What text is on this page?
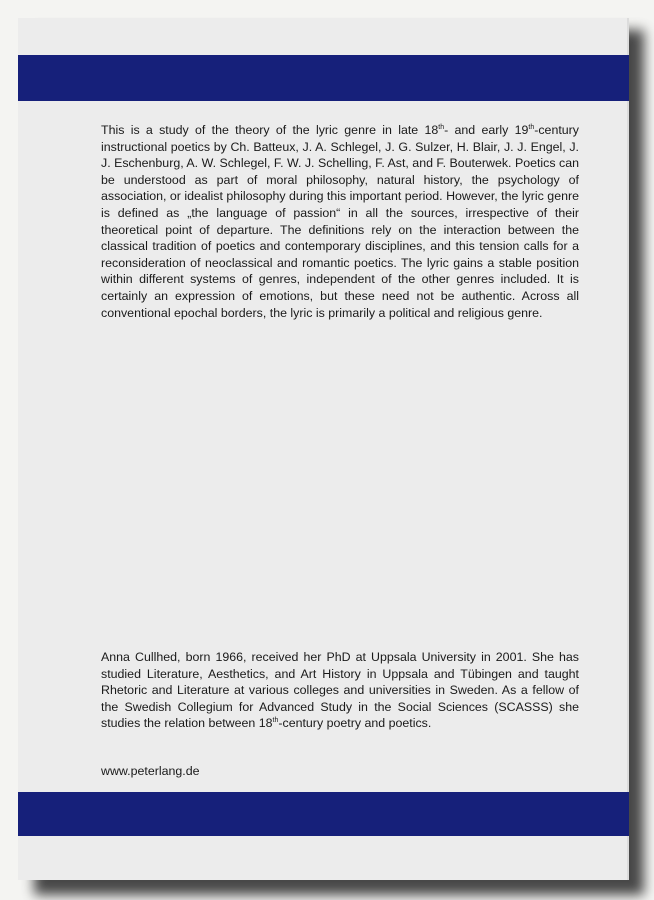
This is a study of the theory of the lyric genre in late 18th- and early 19th-century instructional poetics by Ch. Batteux, J. A. Schlegel, J. G. Sulzer, H. Blair, J. J. Engel, J. J. Eschenburg, A. W. Schlegel, F. W. J. Schelling, F. Ast, and F. Bouterwek. Poetics can be understood as part of moral philosophy, natural history, the psychology of association, or idealist philosophy during this important period. However, the lyric genre is defined as „the language of passion“ in all the sources, irrespective of their theoretical point of departure. The definitions rely on the interaction between the classical tradition of poetics and contemporary disciplines, and this tension calls for a reconsideration of neoclassical and romantic poetics. The lyric gains a stable position within different systems of genres, independent of the other genres included. It is certainly an expression of emotions, but these need not be authentic. Across all conventional epochal borders, the lyric is primarily a political and religious genre.
Anna Cullhed, born 1966, received her PhD at Uppsala University in 2001. She has studied Literature, Aesthetics, and Art History in Uppsala and Tübingen and taught Rhetoric and Literature at various colleges and universities in Sweden. As a fellow of the Swedish Collegium for Advanced Study in the Social Sciences (SCASSS) she studies the relation between 18th-century poetry and poetics.
www.peterlang.de
